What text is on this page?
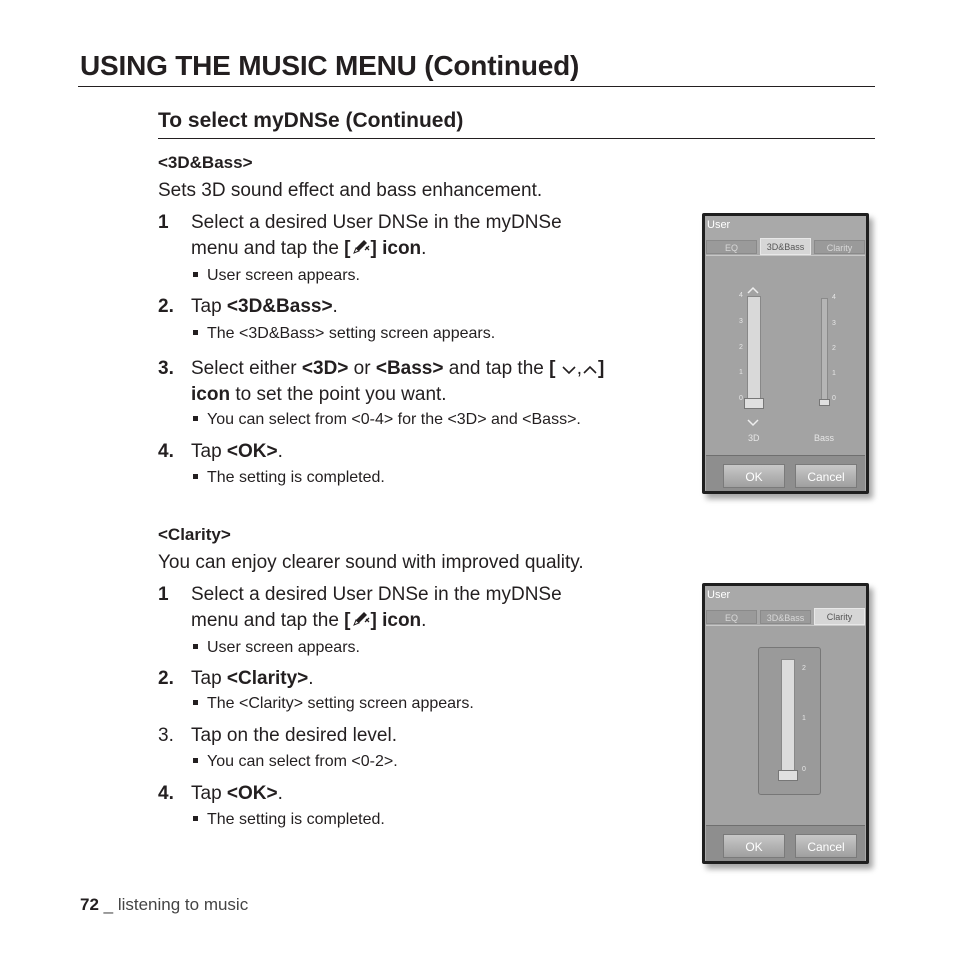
USING THE MUSIC MENU (Continued)
To select myDNSe (Continued)
<3D&Bass>
Sets 3D sound effect and bass enhancement.
1 Select a desired User DNSe in the myDNSe
menu and tap the [ ] icon.
User screen appears.
2. Tap <3D&Bass>.
The <3D&Bass> setting screen appears.
3. Select either <3D> or <Bass> and tap the [ , ]
icon to set the point you want.
You can select from <0-4> for the <3D> and <Bass>.
4. Tap <OK>.
The setting is completed.
User
EQ	3D&Bass	Clarity
4
3
2
1
0
3D
4
3
2
1
0
Bass
OK	Cancel
<Clarity>
You can enjoy clearer sound with improved quality.
1 Select a desired User DNSe in the myDNSe
menu and tap the [ ] icon.
User screen appears.
2. Tap <Clarity>.
The <Clarity> setting screen appears.
3. Tap on the desired level.
You can select from <0-2>.
4. Tap <OK>.
The setting is completed.
User
EQ	3D&Bass	Clarity
2
1
0
OK	Cancel
72 _ listening to music
